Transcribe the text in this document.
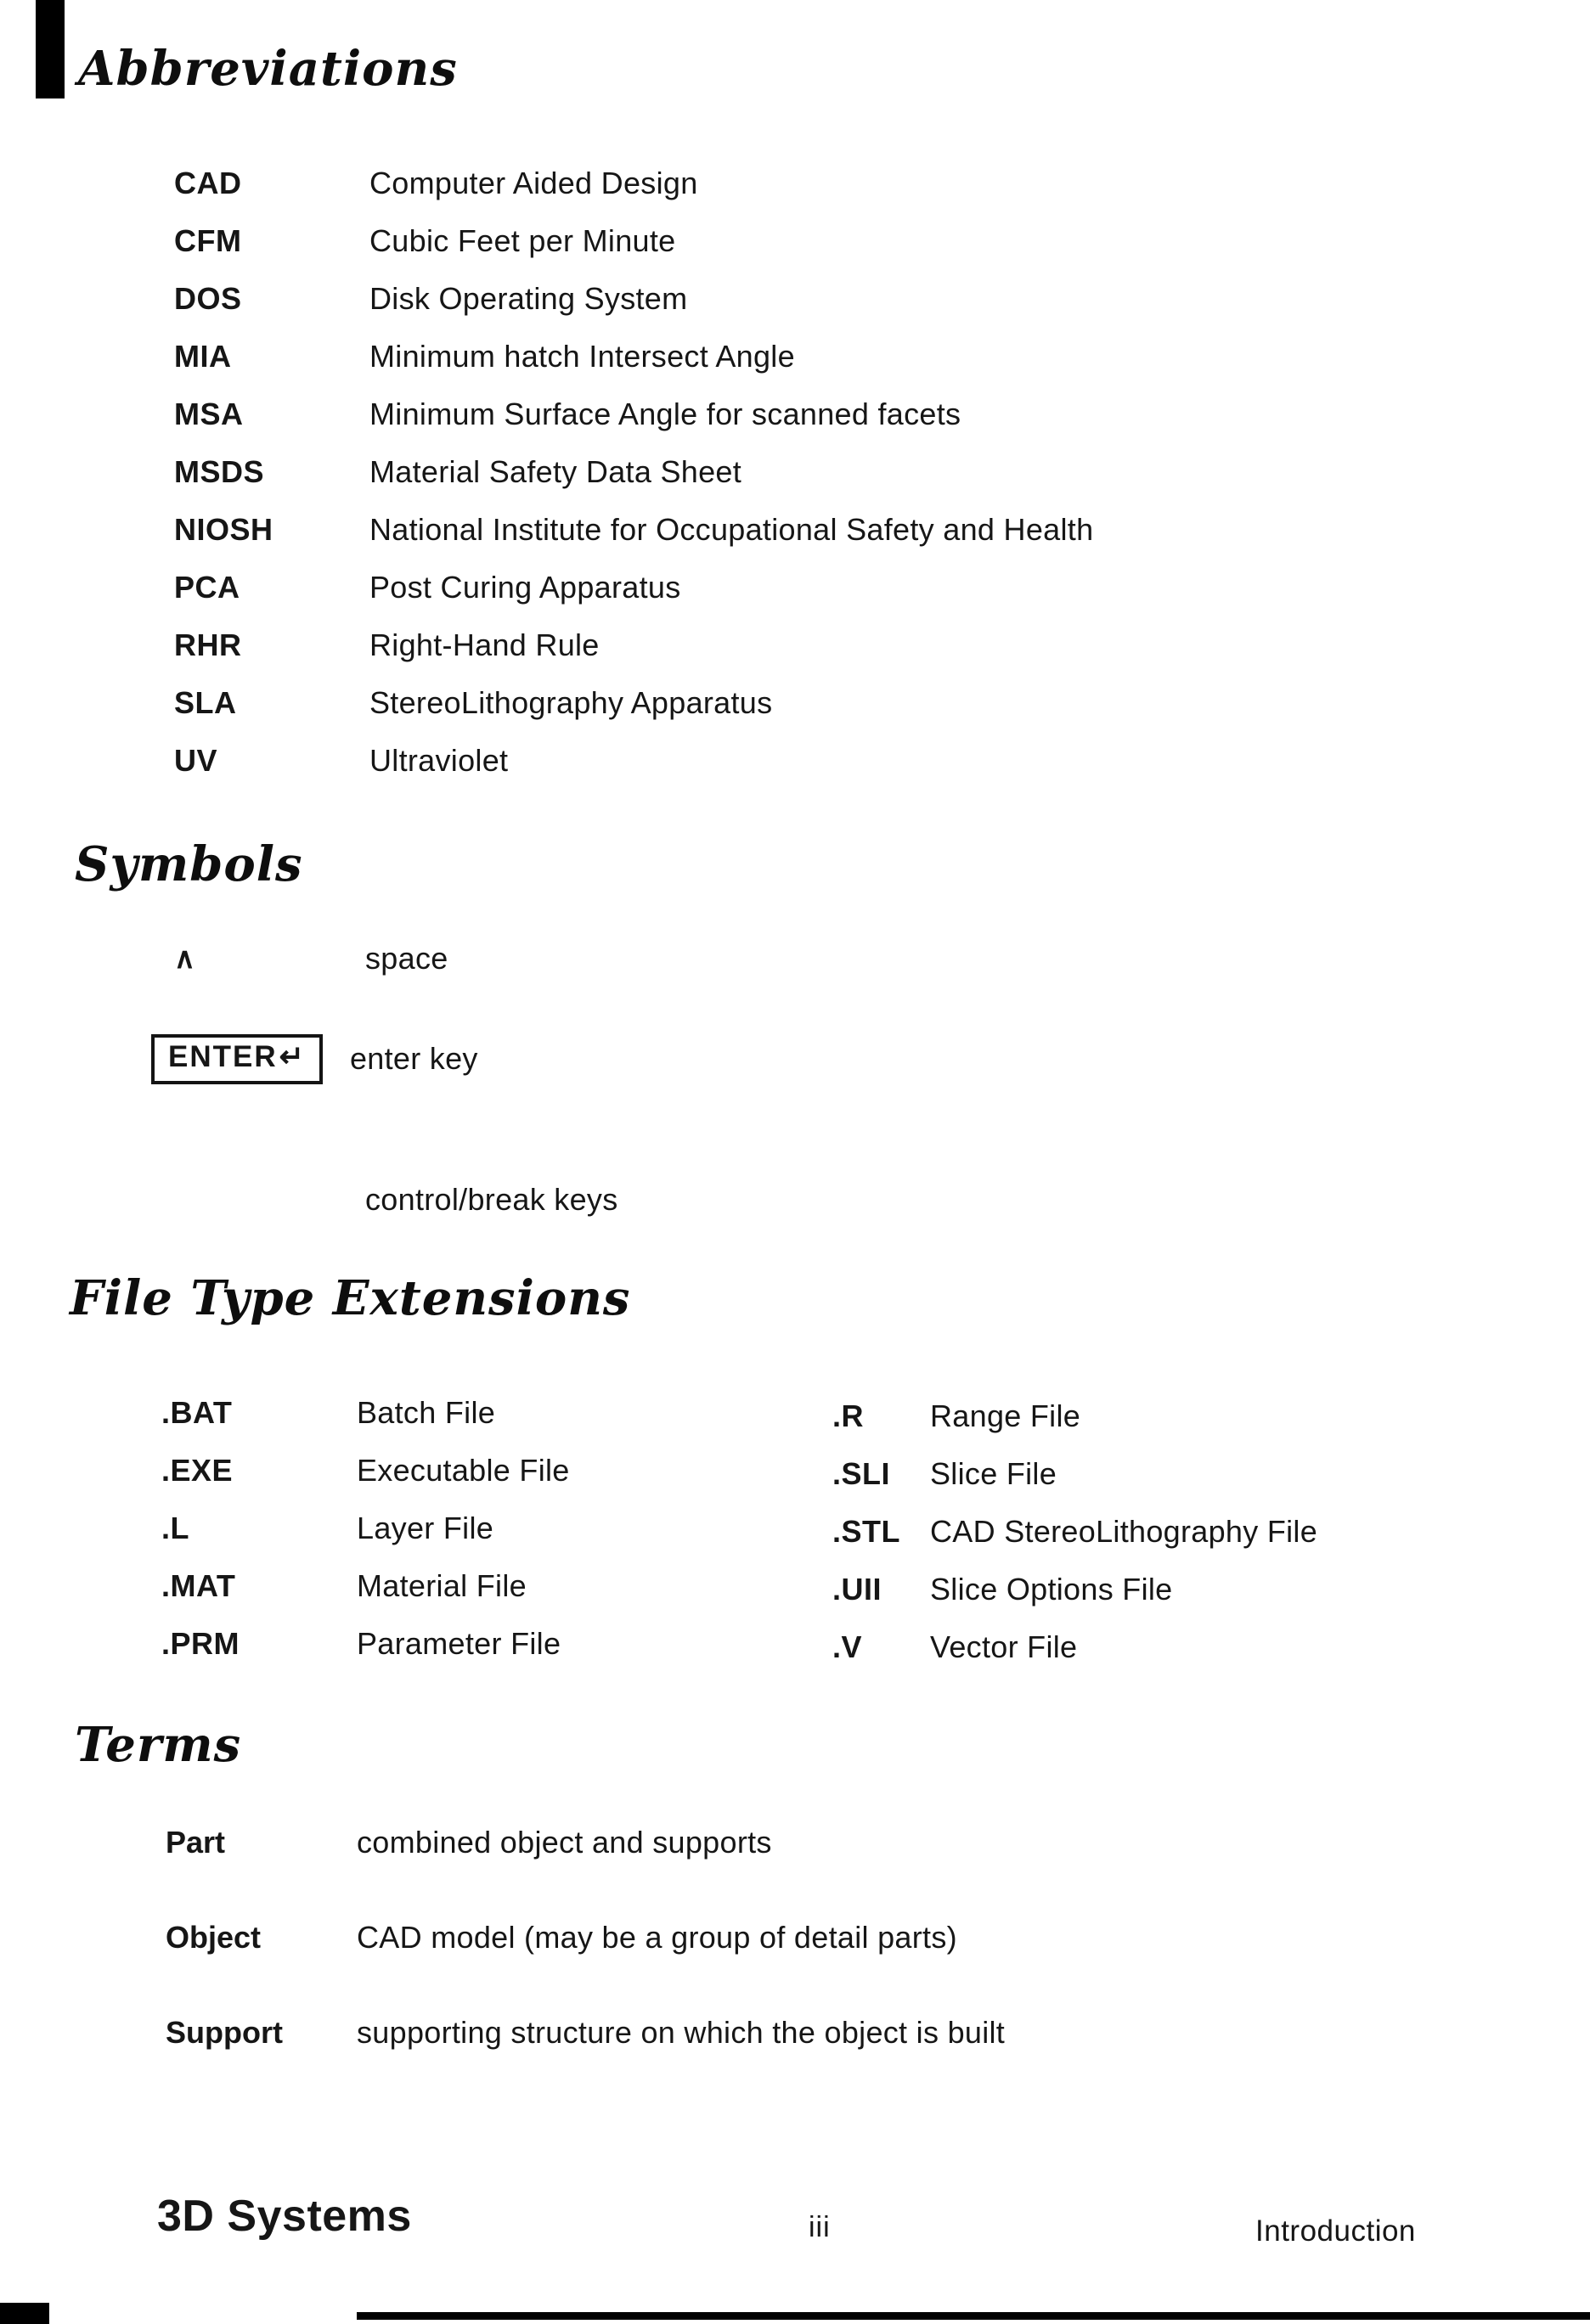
Abbreviations
CAD	Computer Aided Design
CFM	Cubic Feet per Minute
DOS	Disk Operating System
MIA	Minimum hatch Intersect Angle
MSA	Minimum Surface Angle for scanned facets
MSDS	Material Safety Data Sheet
NIOSH	National Institute for Occupational Safety and Health
PCA	Post Curing Apparatus
RHR	Right-Hand Rule
SLA	StereoLithography Apparatus
UV	Ultraviolet
Symbols
∧	space
ENTER↵	enter key
control/break keys
File Type Extensions
.BAT	Batch File
.EXE	Executable File
.L	Layer File
.MAT	Material File
.PRM	Parameter File
.R	Range File
.SLI	Slice File
.STL CAD StereoLithography File
.UII	Slice Options File
.V	Vector File
Terms
Part	combined object and supports
Object	CAD model (may be a group of detail parts)
Support	supporting structure on which the object is built
3D Systems	iii	Introduction
